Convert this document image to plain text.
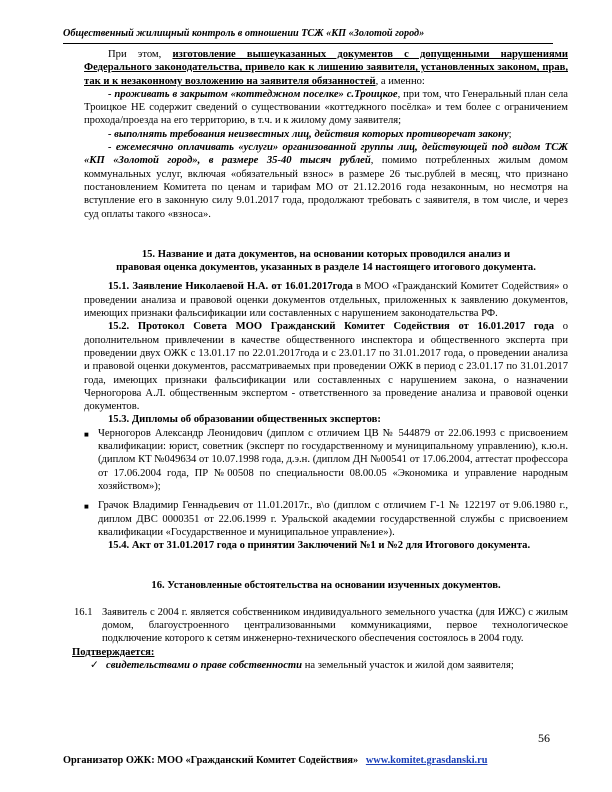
Общественный жилищный контроль в отношении ТСЖ «КП «Золотой город»

При этом, изготовление вышеуказанных документов с допущенными нарушениями Федерального законодательства, привело как к лишению заявителя, установленных законом, прав, так и к незаконному возложению на заявителя обязанностей, а именно:

- проживать в закрытом «коттеджном поселке» с.Троицкое, при том, что Генеральный план села Троицкое НЕ содержит сведений о существовании «коттеджного посёлка» и тем более с ограничением прохода/проезда на его территорию, в т.ч. и к жилому дому заявителя;

- выполнять требования неизвестных лиц, действия которых противоречат закону;

- ежемесячно оплачивать «услуги» организованной группы лиц, действующей под видом ТСЖ «КП «Золотой город», в размере 35-40 тысяч рублей, помимо потребленных жилым домом коммунальных услуг, включая «обязательный взнос» в размере 26 тыс.рублей в месяц, что признано постановлением Комитета по ценам и тарифам МО от 21.12.2016 года незаконным, но несмотря на вступление его в законную силу 9.01.2017 года, продолжают требовать с заявителя, в том числе, и через суд оплаты такого «взноса».

15. Название и дата документов, на основании которых проводился анализ и

правовая оценка документов, указанных в разделе 14 настоящего итогового документа.

15.1. Заявление Николаевой Н.А. от 16.01.2017года в МОО «Гражданский Комитет Содействия» о проведении анализа и правовой оценки документов отдельных, приложенных к заявлению документов, имеющих признаки фальсификации или составленных с нарушением законодательства РФ.

15.2. Протокол Совета МОО Гражданский Комитет Содействия от 16.01.2017 года о дополнительном привлечении в качестве общественного инспектора и общественного эксперта при проведении двух ОЖК с 13.01.17 по 22.01.2017года и с 23.01.17 по 31.01.2017 года, о проведении анализа и правовой оценки документов, рассматриваемых при проведении ОЖК в период с 23.01.17 по 31.01.2017 года, имеющих признаки фальсификации или составленных с нарушением закона, о назначении Черногорова А.Л. общественным экспертом - ответственного за проведение анализа и правовой оценки документов.

15.3. Дипломы об образовании общественных экспертов:

■ Черногоров Александр Леонидович (диплом с отличием ЦВ № 544879 от 22.06.1993 с присвоением квалификации: юрист, советник (эксперт по государственному и муниципальному управлению), к.ю.н. (диплом КТ №049634 от 10.07.1998 года, д.э.н. (диплом ДН №00541 от 17.06.2004, аттестат профессора от 17.06.2004 года, ПР №00508 по специальности 08.00.05 «Экономика и управление народным хозяйством»);
■ Грачок Владимир Геннадьевич от 11.01.2017г., в\о (диплом с отличием Г-1 № 122197 от 9.06.1980 г., диплом ДВС 0000351 от 22.06.1999 г. Уральской академии государственной службы с присвоением квалификации «Государственное и муниципальное управление»).

15.4. Акт от 31.01.2017 года о принятии Заключений №1 и №2 для Итогового документа.

16. Установленные обстоятельства на основании изученных документов.

16.1 Заявитель с 2004 г. является собственником индивидуального земельного участка (для ИЖС) с жилым домом, благоустроенного централизованными коммуникациями, первое технологическое подключение которого к сетям инженерно-технического обеспечения состоялось в 2004 году.

Подтверждается:

✓ свидетельствами о праве собственности на земельный участок и жилой дом заявителя;
56
Организатор ОЖК: МОО «Гражданский Комитет Содействия» www.komitet.grasdanski.ru
